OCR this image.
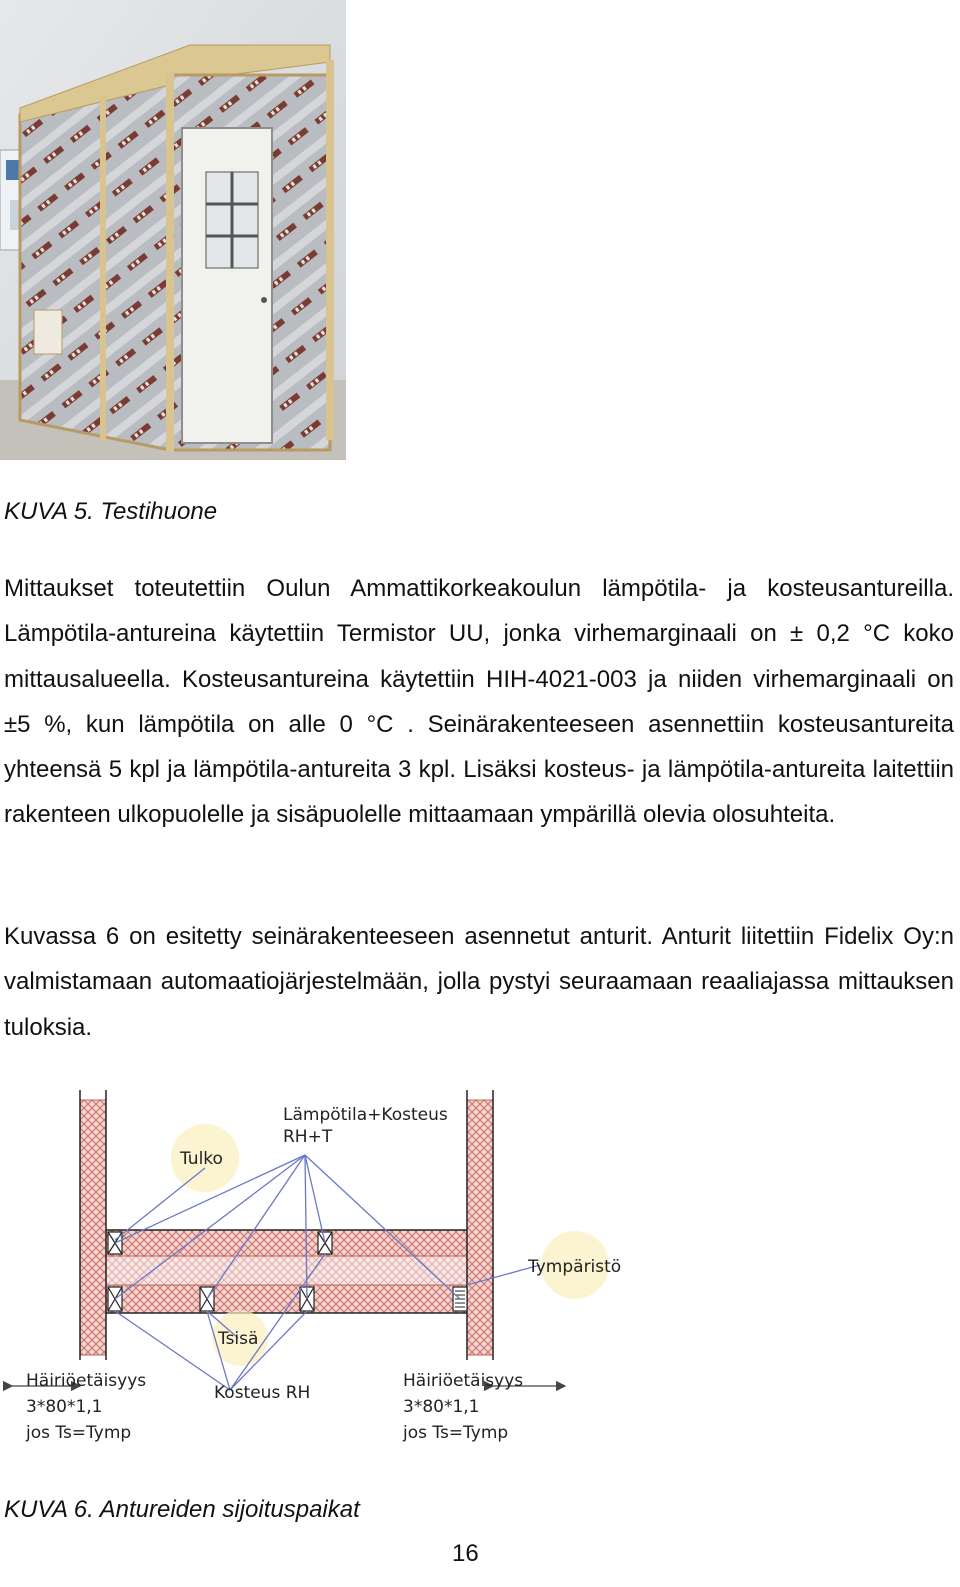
KUVA 5. Testihuone

Mittaukset toteutettiin Oulun Ammattikorkeakoulun lämpötila- ja kosteusantureilla. Lämpötila-antureina käytettiin Termistor UU, jonka virhemarginaali on ± 0,2 °C koko mittausalueella. Kosteusantureina käytettiin HIH-4021-003 ja niiden virhemarginaali on ±5 %, kun lämpötila on alle 0 °C . Seinärakenteeseen asennettiin kosteusantureita yhteensä 5 kpl ja lämpötila-antureita 3 kpl. Lisäksi kosteus- ja lämpötila-antureita laitettiin rakenteen ulkopuolelle ja sisäpuolelle mittaamaan ympärillä olevia olosuhteita.

Kuvassa 6 on esitetty seinärakenteeseen asennetut anturit. Anturit liitettiin Fidelix Oy:n valmistamaan automaatiojärjestelmään, jolla pystyi seuraamaan reaaliajassa mittauksen tuloksia.

Lämpötila+Kosteus
RH+T
Tulko
Tympäristö
Tsisä
Kosteus RH
Häiriöetäisyys
3*80*1,1
jos Ts=Tymp
Häiriöetäisyys
3*80*1,1
jos Ts=Tymp
KUVA 6. Antureiden sijoituspaikat
16
